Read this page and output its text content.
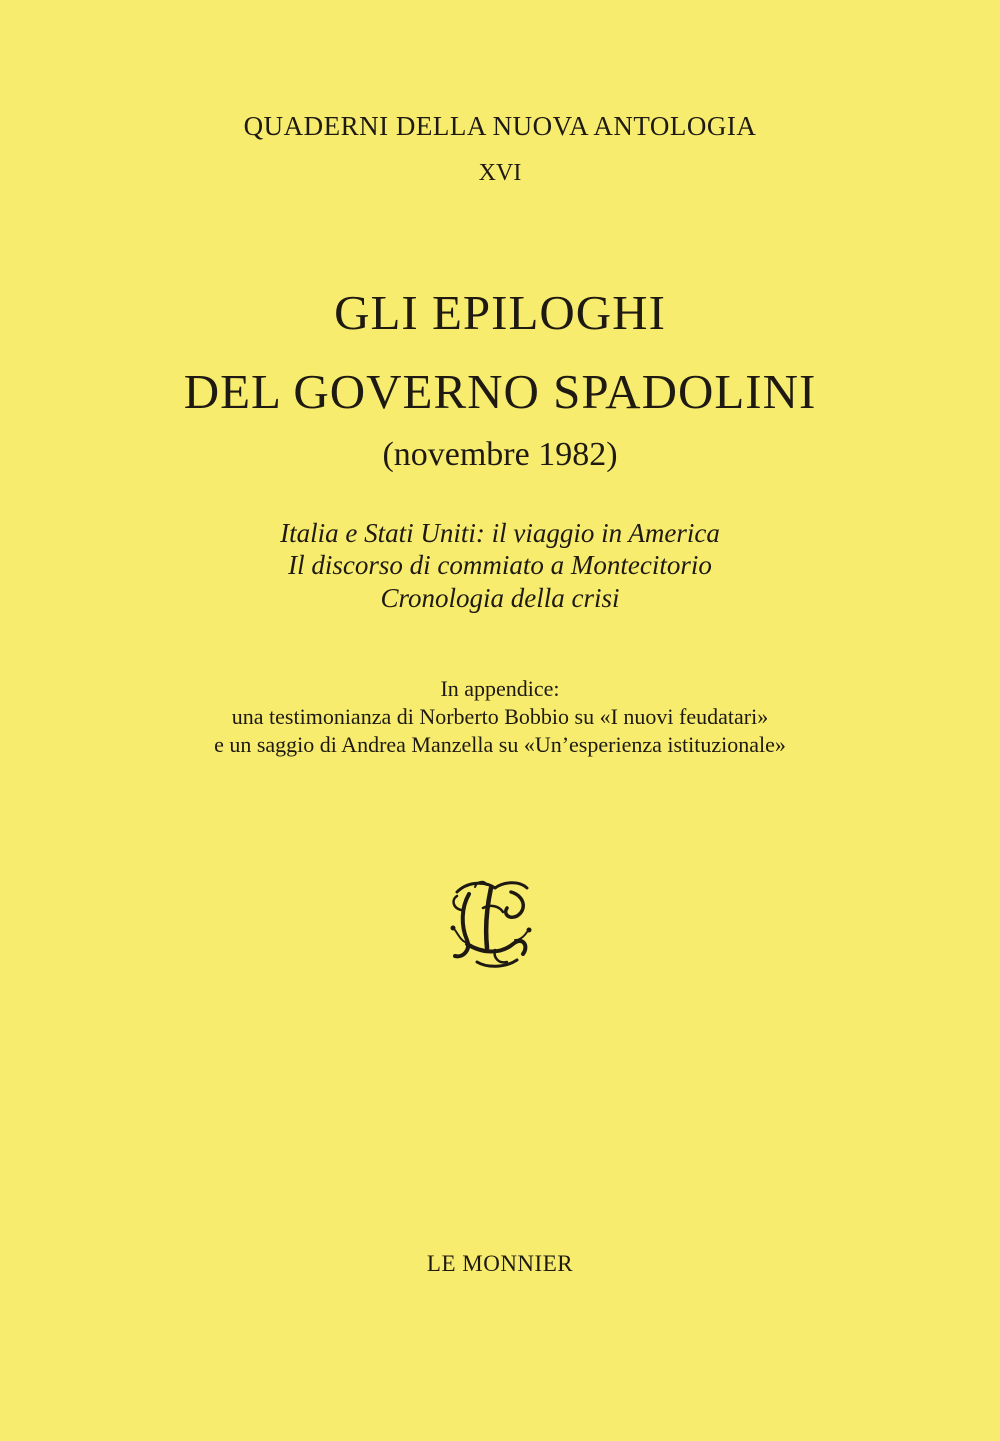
QUADERNI DELLA NUOVA ANTOLOGIA
XVI
GLI EPILOGHI
DEL GOVERNO SPADOLINI
(novembre 1982)
Italia e Stati Uniti: il viaggio in America
Il discorso di commiato a Montecitorio
Cronologia della crisi
In appendice:
una testimonianza di Norberto Bobbio su «I nuovi feudatari»
e un saggio di Andrea Manzella su «Un’esperienza istituzionale»
LE MONNIER
